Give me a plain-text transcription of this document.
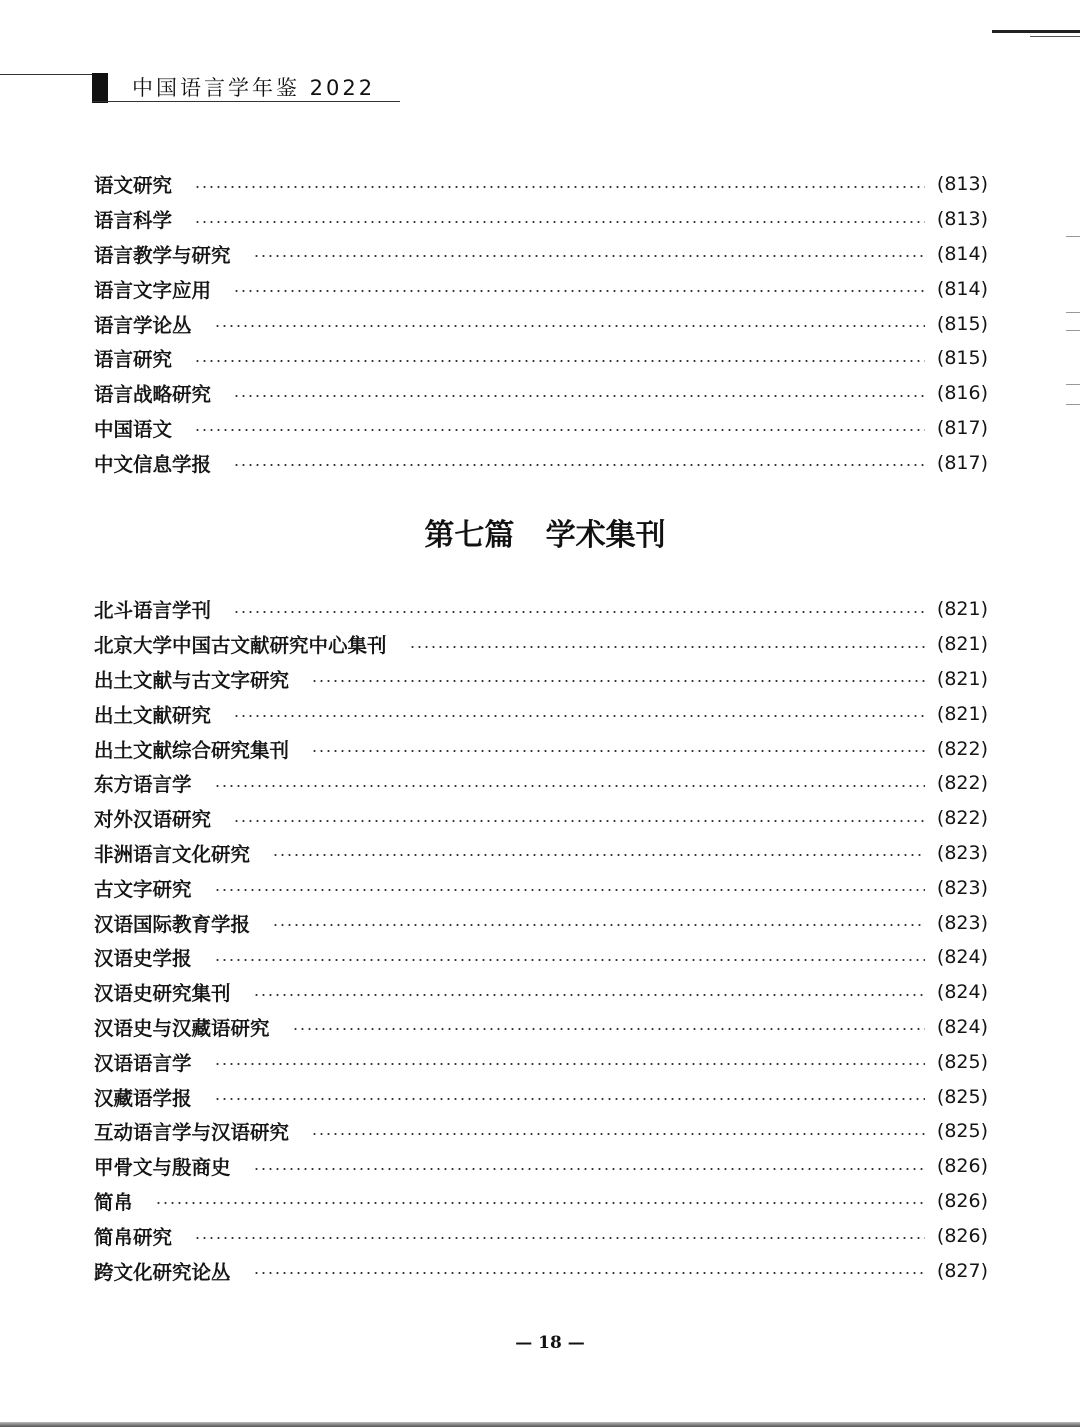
中国语言学年鉴 2022
语文研究	(813)
语言科学	(813)
语言教学与研究	(814)
语言文字应用	(814)
语言学论丛	(815)
语言研究	(815)
语言战略研究	(816)
中国语文	(817)
中文信息学报	(817)
第七篇   学术集刊
北斗语言学刊	(821)
北京大学中国古文献研究中心集刊	(821)
出土文献与古文字研究	(821)
出土文献研究	(821)
出土文献综合研究集刊	(822)
东方语言学	(822)
对外汉语研究	(822)
非洲语言文化研究	(823)
古文字研究	(823)
汉语国际教育学报	(823)
汉语史学报	(824)
汉语史研究集刊	(824)
汉语史与汉藏语研究	(824)
汉语语言学	(825)
汉藏语学报	(825)
互动语言学与汉语研究	(825)
甲骨文与殷商史	(826)
简帛	(826)
简帛研究	(826)
跨文化研究论丛	(827)
— 18 —
